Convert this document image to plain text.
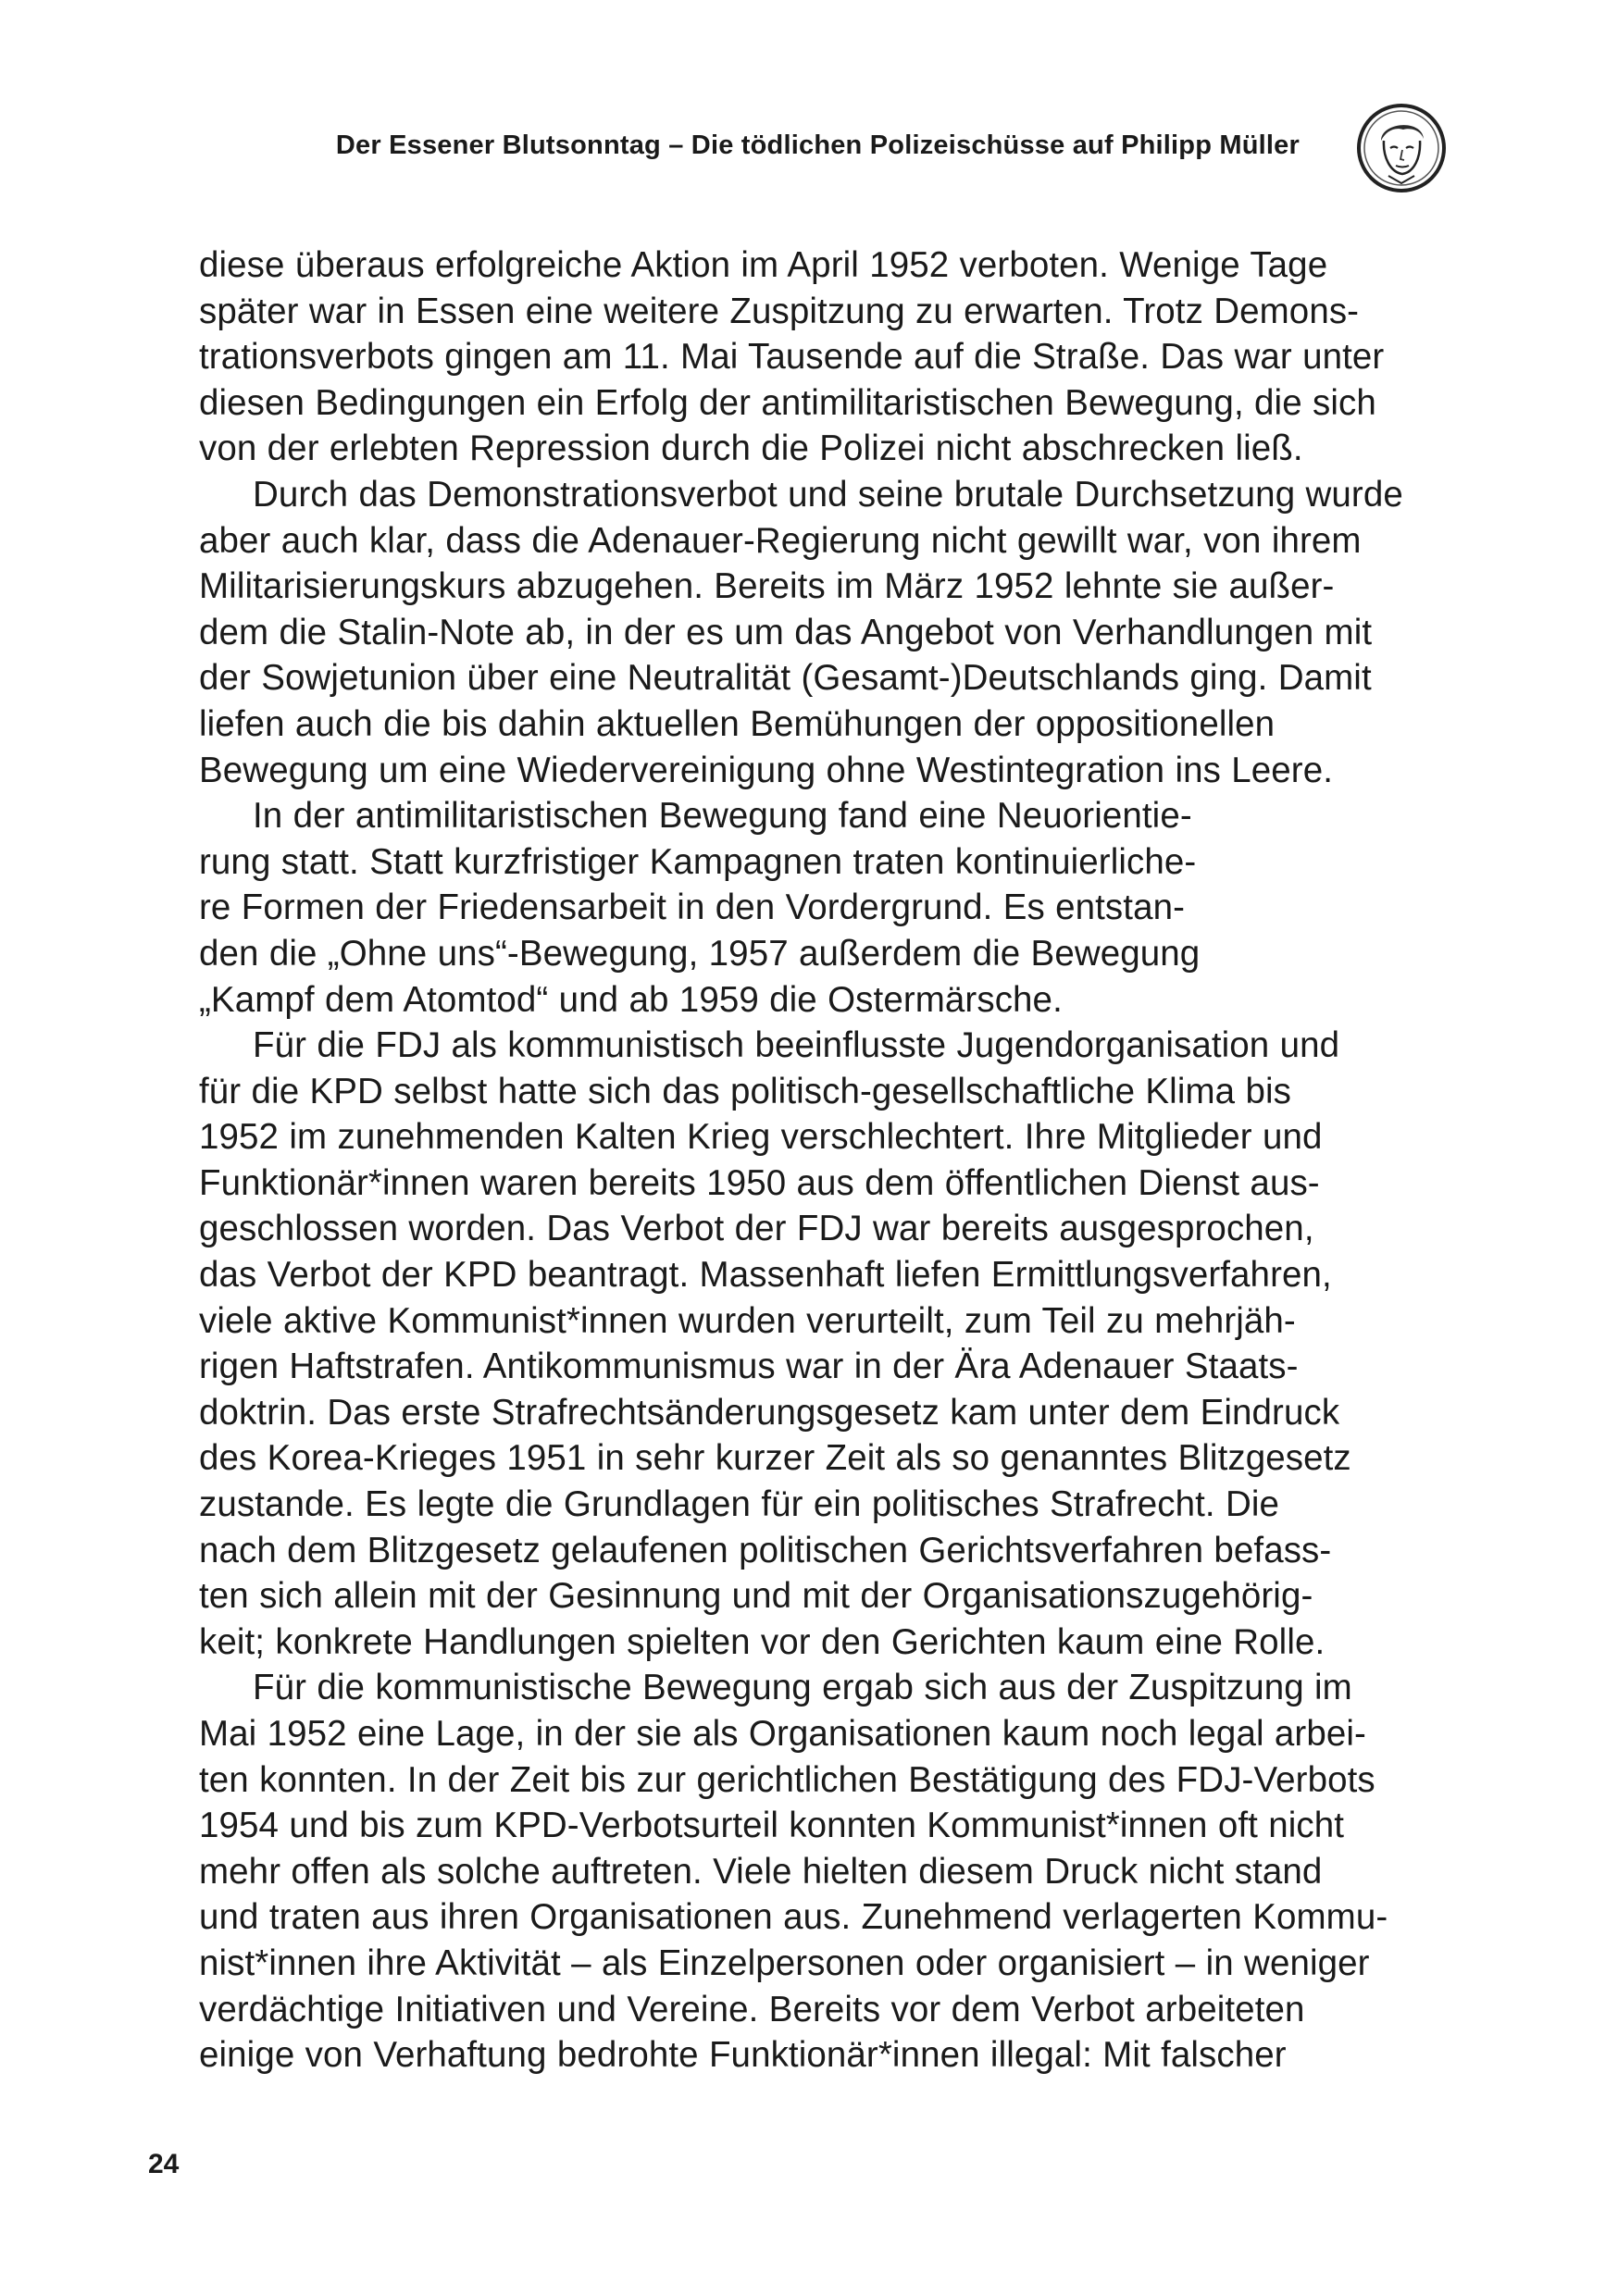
Der Essener Blutsonntag – Die tödlichen Polizeischüsse auf Philipp Müller
diese überaus erfolgreiche Aktion im April 1952 verboten. Wenige Tage
später war in Essen eine weitere Zuspitzung zu erwarten. Trotz Demons-
trationsverbots gingen am 11. Mai Tausende auf die Straße. Das war unter
diesen Bedingungen ein Erfolg der antimilitaristischen Bewegung, die sich
von der erlebten Repression durch die Polizei nicht abschrecken ließ.
Durch das Demonstrationsverbot und seine brutale Durchsetzung wurde
aber auch klar, dass die Adenauer-Regierung nicht gewillt war, von ihrem
Militarisierungskurs abzugehen. Bereits im März 1952 lehnte sie außer-
dem die Stalin-Note ab, in der es um das Angebot von Verhandlungen mit
der Sowjetunion über eine Neutralität (Gesamt-)Deutschlands ging. Damit
liefen auch die bis dahin aktuellen Bemühungen der oppositionellen
Bewegung um eine Wiedervereinigung ohne Westintegration ins Leere.
In der antimilitaristischen Bewegung fand eine Neuorientie-
rung statt. Statt kurzfristiger Kampagnen traten kontinuierliche-
re Formen der Friedensarbeit in den Vordergrund. Es entstan-
den die „Ohne uns“-Bewegung, 1957 außerdem die Bewegung
„Kampf dem Atomtod“ und ab 1959 die Ostermärsche.
Für die FDJ als kommunistisch beeinflusste Jugendorganisation und
für die KPD selbst hatte sich das politisch-gesellschaftliche Klima bis
1952 im zunehmenden Kalten Krieg verschlechtert. Ihre Mitglieder und
Funktionär*innen waren bereits 1950 aus dem öffentlichen Dienst aus-
geschlossen worden. Das Verbot der FDJ war bereits ausgesprochen,
das Verbot der KPD beantragt. Massenhaft liefen Ermittlungsverfahren,
viele aktive Kommunist*innen wurden verurteilt, zum Teil zu mehrjäh-
rigen Haftstrafen. Antikommunismus war in der Ära Adenauer Staats-
doktrin. Das erste Strafrechtsänderungsgesetz kam unter dem Eindruck
des Korea-Krieges 1951 in sehr kurzer Zeit als so genanntes Blitzgesetz
zustande. Es legte die Grundlagen für ein politisches Strafrecht. Die
nach dem Blitzgesetz gelaufenen politischen Gerichtsverfahren befass-
ten sich allein mit der Gesinnung und mit der Organisationszugehörig-
keit; konkrete Handlungen spielten vor den Gerichten kaum eine Rolle.
Für die kommunistische Bewegung ergab sich aus der Zuspitzung im
Mai 1952 eine Lage, in der sie als Organisationen kaum noch legal arbei-
ten konnten. In der Zeit bis zur gerichtlichen Bestätigung des FDJ-Verbots
1954 und bis zum KPD-Verbotsurteil konnten Kommunist*innen oft nicht
mehr offen als solche auftreten. Viele hielten diesem Druck nicht stand
und traten aus ihren Organisationen aus. Zunehmend verlagerten Kommu-
nist*innen ihre Aktivität – als Einzelpersonen oder organisiert – in weniger
verdächtige Initiativen und Vereine. Bereits vor dem Verbot arbeiteten
einige von Verhaftung bedrohte Funktionär*innen illegal: Mit falscher
24
